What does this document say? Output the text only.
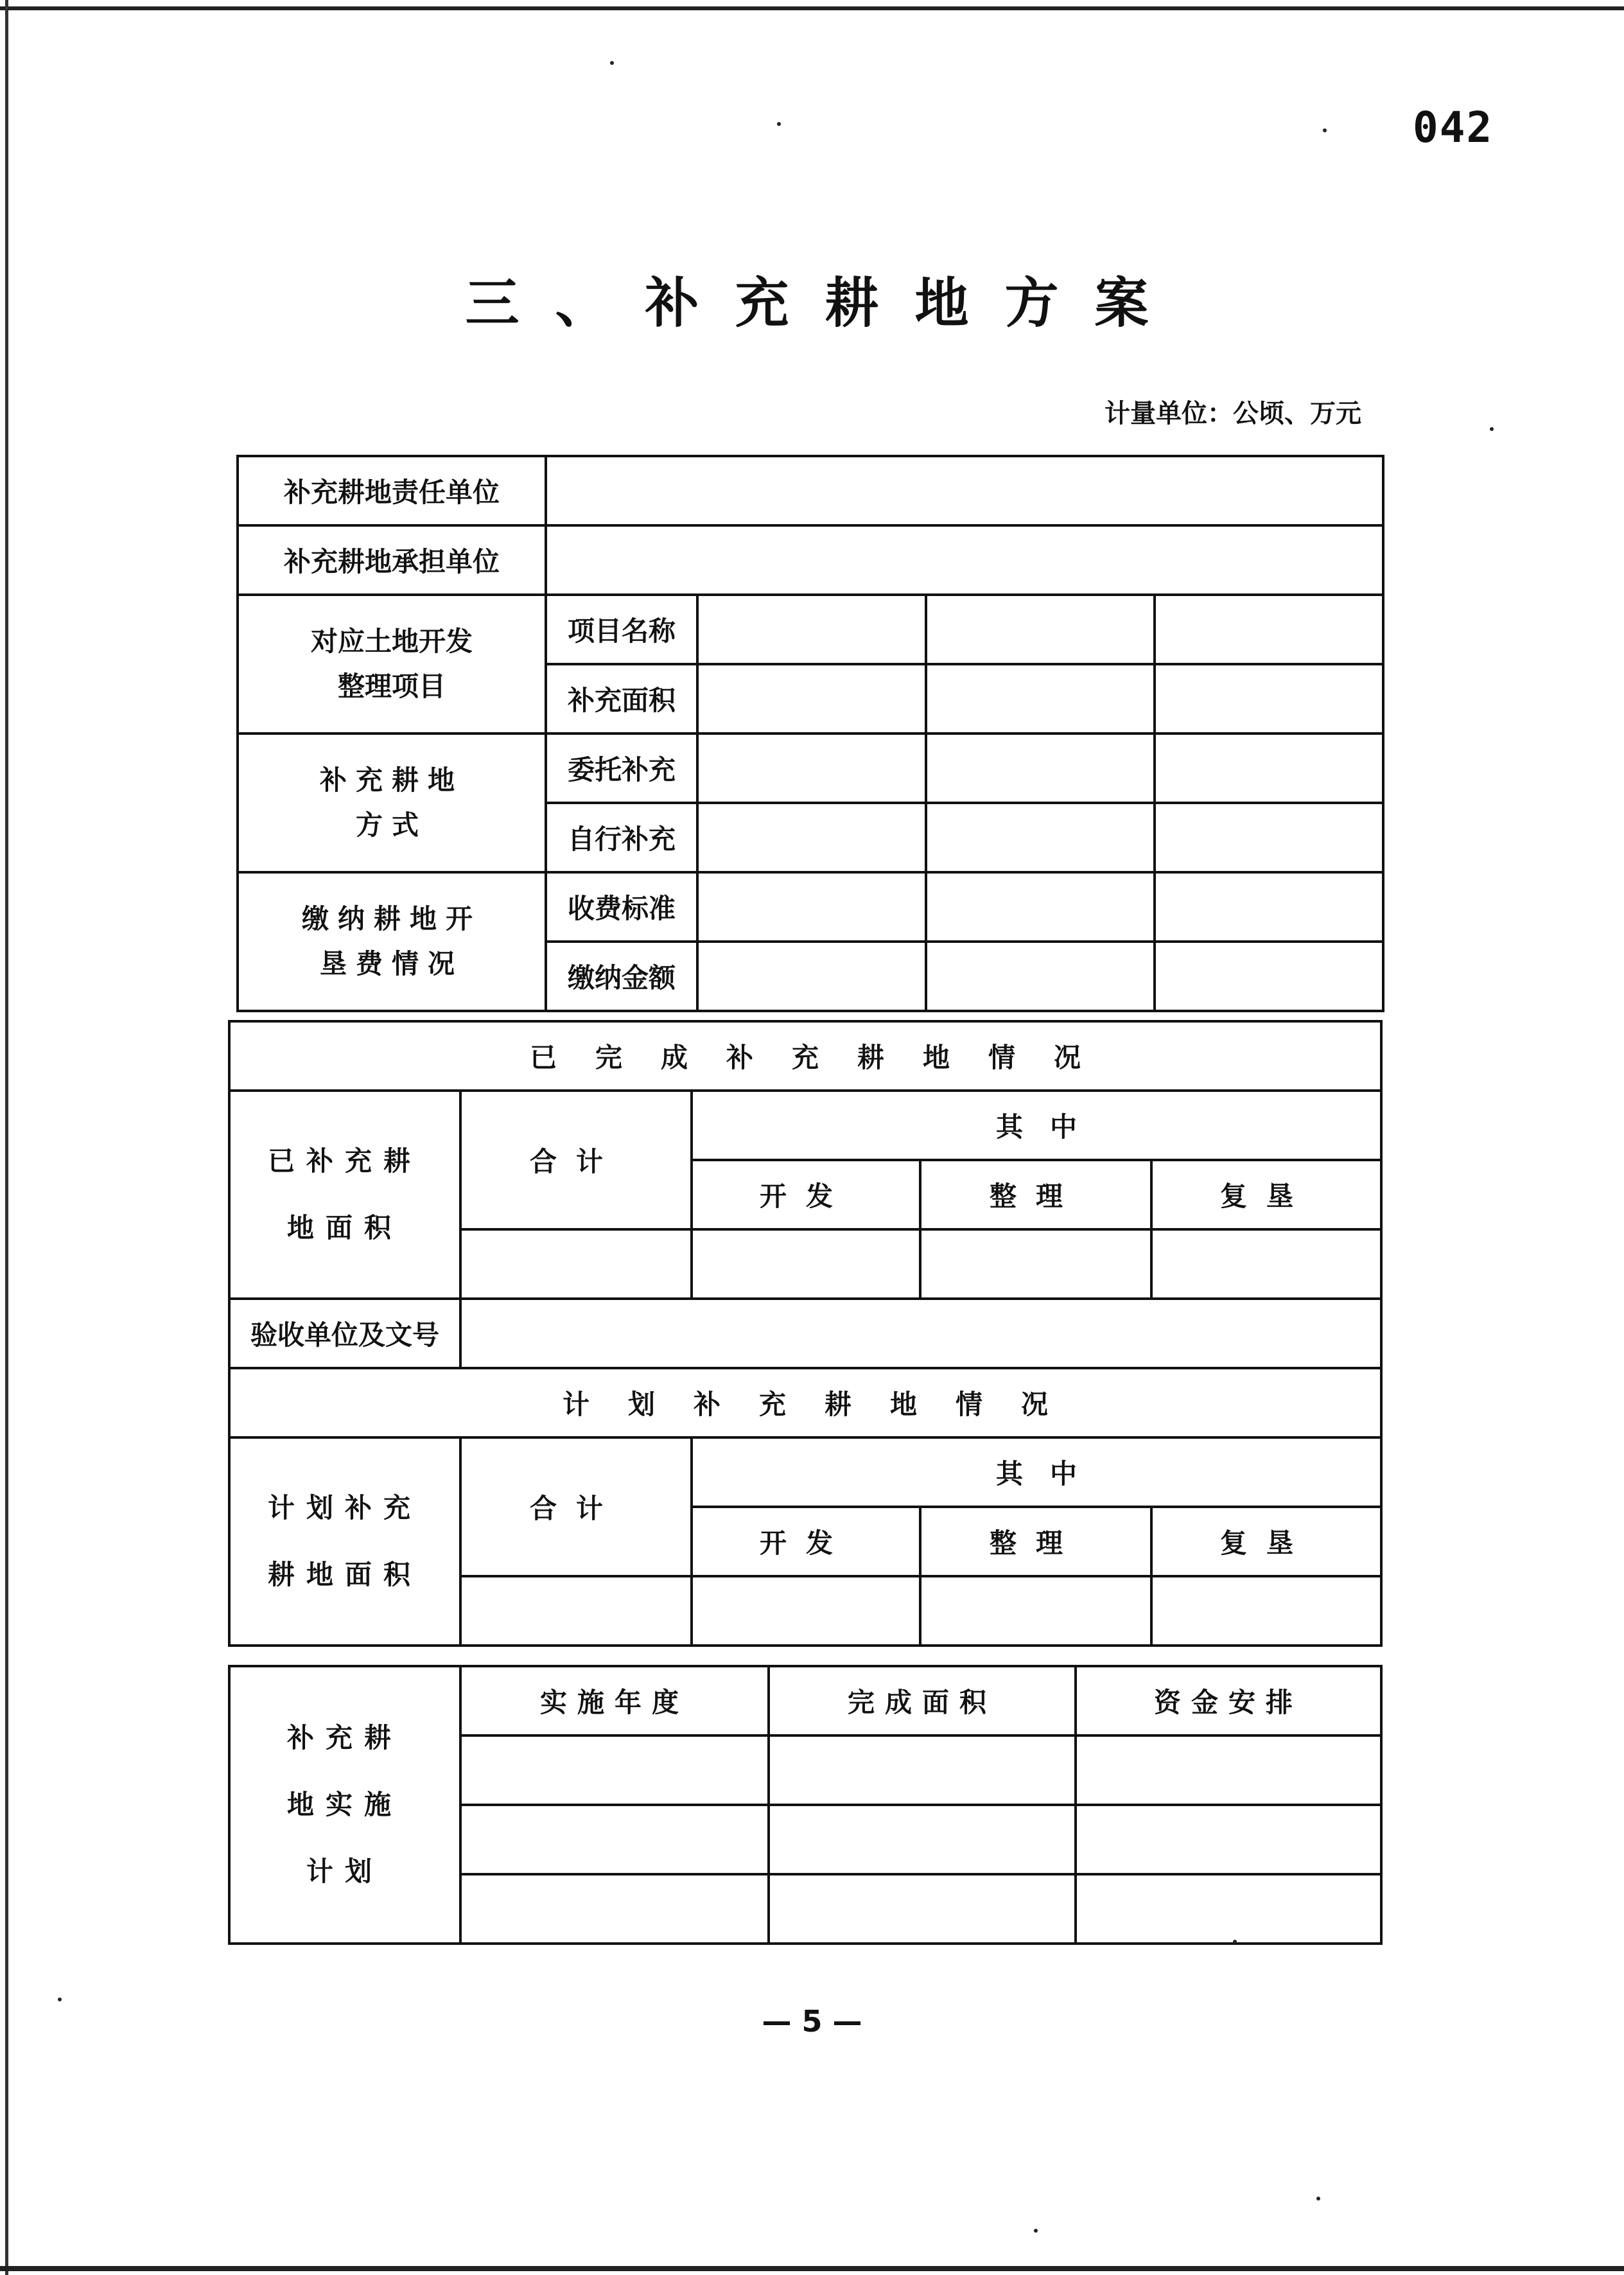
042
三、补充耕地方案
计量单位：公顷、万元
补充耕地责任单位				
补充耕地承担单位				

对应土地开发整理项目	项目名称			
	补充面积			

补充耕地方式	委托补充			
	自行补充			

缴纳耕地开垦费情况	收费标准			
	缴纳金额			
已完成补充耕地情况				

已补充耕地面积	合计	其　中		
		开发	整理	复垦

验收单位及文号				
计划补充耕地情况				

计划补充耕地面积	合计	其　中		
		开发	整理	复垦

补充耕地实施计划	实施年度	完成面积	资金安排

— 5 —
